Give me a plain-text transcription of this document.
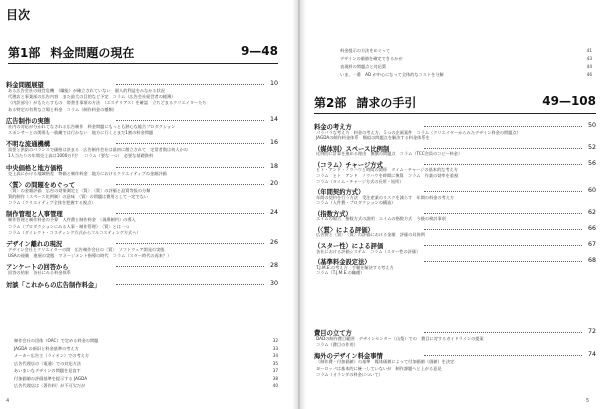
目次
第1部 料金問題の現在	9—48
料金問題展望	10
ある広告会社の経営危機　（職能）が確立されていない　個人的利益をみなかる状況
代理店と事業部の広告内容　また最大の目的など予定　コラム（広告会社経営者の帳簿）
（内訳部分）がもたらすもの　帯書き事項の方法　（エステリアス）を確認　立ちどまるクリエイターたち
ある特定の有利な立場と料金　コラム（制作料金の種類）
広告制作の実態	14
社内の対応が分かれてなされる広告制作　料金問題にもっとも熱心な総合プロダクション
スポンサーとの関係も一筋縄では行かない　地方に行くとまだ1割の料金問題
不明な流通機構	16
需要と供給のバランスで価格は決まる　広告制作会社は最初に創立されて　定常者数は何人かの
1人当たりの年間売上高は1000万円？　コラム（要な一つ）　必要な基礎資料
中央価格と地方価格	18
売上高にかける地域格差　物価と制作料金　地方におけるクリエイティブの金額評価
〈質〉の問題をめぐって	20
〈質〉の金額評価　広告の効果測定と〈質〉　〈質〉の評価と品質等級の分類
質的制作（スペース比例制）の意味　〈質〉の問題は費用として一定でない
コラム（クリエイティブ全体を把握する視点）
制作管理と人事管理	24
制作管理と制作料金の予算　人件費と制作料金　（現場制約）の導入
コラム（プロダクションにみる人事・制作管理）　〈質〉とは一つ
コラム（ダイレクト・コスティング方式からフルコスティング方式へ）
デザイン離れの現況	26
デザイン会社とクリエイターの間　広告制作会社の〈質〉　ソフトウェア開発の実態
USAの経験　進展の実態　マネージメント指導の時代　コラム（スター時代の再来？）
アンケートの回答から	28
回答の結果　各社にみる料金体系
対談「これからの広告制作料金」	30
制作会社の団体（OAC）で定める料金の問題	32
JAGDA の新旧と料金基準の考え方	33
メーカー広告主（ライオン）での考え方	34
広告代理店の（電通）での対応方法	35
あいまいなデザインの問題を見直す	37
付加価値の評価基準を提示する JAGDA	38
広告代理店は〈著作料〉が不可欠だが	40
4
料金提示の方法をめぐって	41
デザインの価値を確定できるかが	43
表現料の問題点と対応策	44
いま、一番　AD が中心になって全体的なコストを分解	46
第2部 請求の手引	49—108
料金の考え方	50
パラパラな考え方　料金の考え方、５つの企画案件　コラム（クリエイターからみたデザイン料金の問題点）
JAGDAの制作料金体系　類似の問題点を解決する料金体系を
（媒体別）スペース比例制	52
比例的に計算を進める理由　無償の問題点　コラム（TCC会員のコピー料金）
（コラム）チャージ方式	56
ヒト・アンド・ノウハウと時間の関係　タイム・チャージの基本的な考え方
コラム　ヒト　アンド　ノウハウを時間に換算　コラム　作業の効率を重視
コラム（タイム・チャージ方式の長所・短所）
（年間契約方式）	60
年間の契約を行う方法　受注産業のリスクを減らす　年間の料金の考え方
コラム（人件費・プロダクションの構造）
（指数方式）	62
エイムの場合　指数方式の説明　エイムの指数方式　今後の検討事項
（〈質〉による評価）	66
広告物と〈質〉　〈質〉の評価における金額　評価の具体例
（スター性）による評価	67
各社における評価システム　コラム（スター性の評価）
（基準料金設定法）	68
T.J.M.E.の考え方　手順を解決する考え方
コラム（T.J.M.E.の職種）
費目の立て方	72
DADの制作費目範囲　デザインセンター（山梨）での　費目に対するガイドラインの提案
コラム（費目の作用）
海外のデザイン料金事情	74
（制作費・付加価値）の基準　媒体価値によって付加価値（価値）を決定
ヨーロッパは基本的に統一していないが　制作課題へと上がる意見
コラム（オランダの料金について）
5
